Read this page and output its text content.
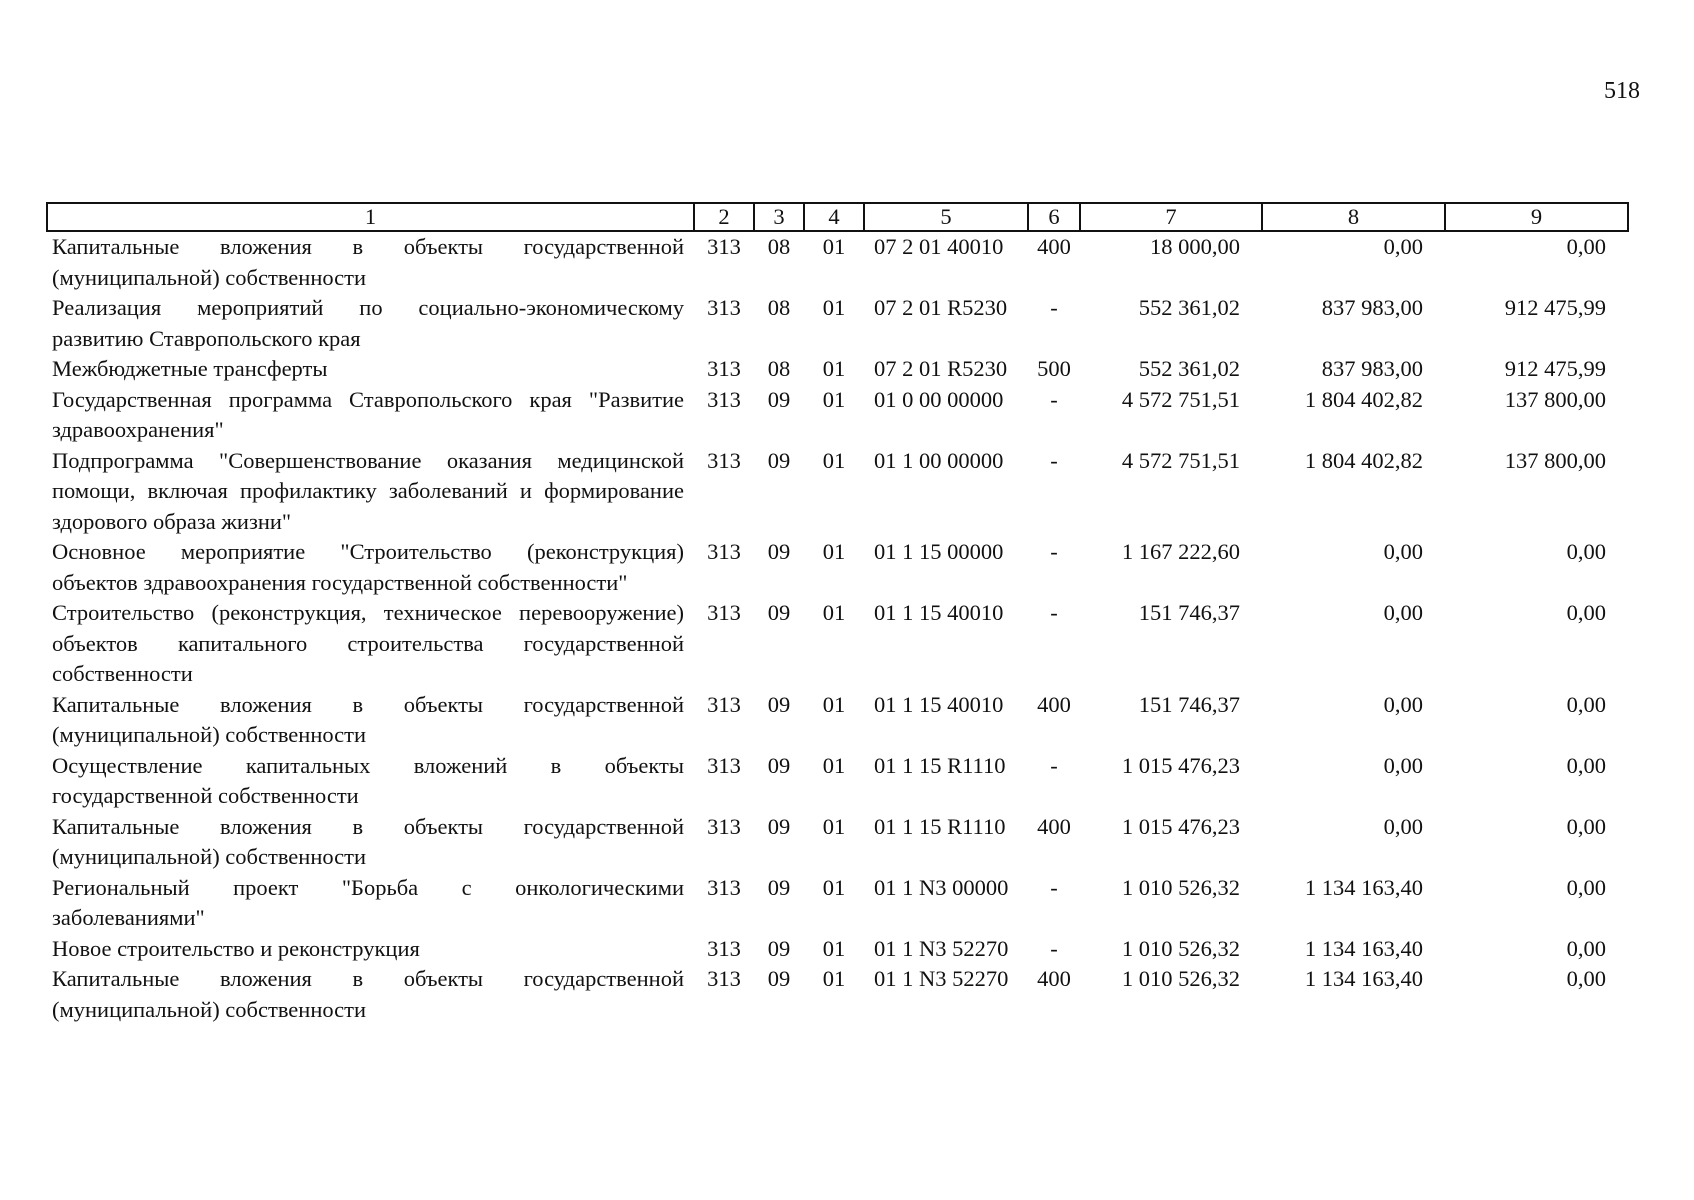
518
1	2	3	4	5	6	7	8	9
Капитальные вложения в объекты государственной (муниципальной) собственности	313	08	01	07 2 01 40010	400	18 000,00	0,00	0,00
Реализация мероприятий по социально-экономическому развитию Ставропольского края	313	08	01	07 2 01 R5230	-	552 361,02	837 983,00	912 475,99
Межбюджетные трансферты	313	08	01	07 2 01 R5230	500	552 361,02	837 983,00	912 475,99
Государственная программа Ставропольского края "Развитие здравоохранения"	313	09	01	01 0 00 00000	-	4 572 751,51	1 804 402,82	137 800,00
Подпрограмма "Совершенствование оказания медицинской помощи, включая профилактику заболеваний и формирование здорового образа жизни"	313	09	01	01 1 00 00000	-	4 572 751,51	1 804 402,82	137 800,00
Основное мероприятие "Строительство (реконструкция) объектов здравоохранения государственной собственности"	313	09	01	01 1 15 00000	-	1 167 222,60	0,00	0,00
Строительство (реконструкция, техническое перевооружение) объектов капитального строительства государственной собственности	313	09	01	01 1 15 40010	-	151 746,37	0,00	0,00
Капитальные вложения в объекты государственной (муниципальной) собственности	313	09	01	01 1 15 40010	400	151 746,37	0,00	0,00
Осуществление капитальных вложений в объекты государственной собственности	313	09	01	01 1 15 R1110	-	1 015 476,23	0,00	0,00
Капитальные вложения в объекты государственной (муниципальной) собственности	313	09	01	01 1 15 R1110	400	1 015 476,23	0,00	0,00
Региональный проект "Борьба с онкологическими заболеваниями"	313	09	01	01 1 N3 00000	-	1 010 526,32	1 134 163,40	0,00
Новое строительство и реконструкция	313	09	01	01 1 N3 52270	-	1 010 526,32	1 134 163,40	0,00
Капитальные вложения в объекты государственной (муниципальной) собственности	313	09	01	01 1 N3 52270	400	1 010 526,32	1 134 163,40	0,00
